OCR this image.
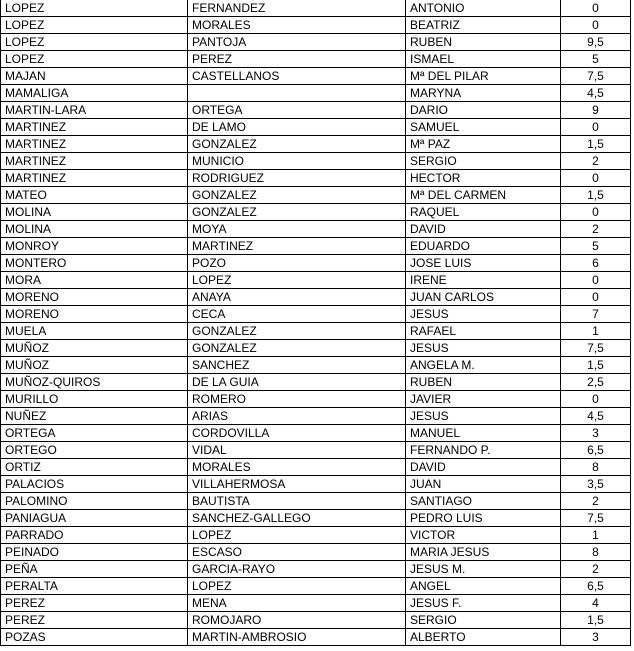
LOPEZ	FERNANDEZ	ANTONIO	0
LOPEZ	MORALES	BEATRIZ	0
LOPEZ	PANTOJA	RUBEN	9,5
LOPEZ	PEREZ	ISMAEL	5
MAJAN	CASTELLANOS	Mª DEL PILAR	7,5
MAMALIGA		MARYNA	4,5
MARTIN-LARA	ORTEGA	DARIO	9
MARTINEZ	DE LAMO	SAMUEL	0
MARTINEZ	GONZALEZ	Mª PAZ	1,5
MARTINEZ	MUNICIO	SERGIO	2
MARTINEZ	RODRIGUEZ	HECTOR	0
MATEO	GONZALEZ	Mª DEL CARMEN	1,5
MOLINA	GONZALEZ	RAQUEL	0
MOLINA	MOYA	DAVID	2
MONROY	MARTINEZ	EDUARDO	5
MONTERO	POZO	JOSE LUIS	6
MORA	LOPEZ	IRENE	0
MORENO	ANAYA	JUAN CARLOS	0
MORENO	CECA	JESUS	7
MUELA	GONZALEZ	RAFAEL	1
MUÑOZ	GONZALEZ	JESUS	7,5
MUÑOZ	SANCHEZ	ANGELA M.	1,5
MUÑOZ-QUIROS	DE LA GUIA	RUBEN	2,5
MURILLO	ROMERO	JAVIER	0
NUÑEZ	ARIAS	JESUS	4,5
ORTEGA	CORDOVILLA	MANUEL	3
ORTEGO	VIDAL	FERNANDO P.	6,5
ORTIZ	MORALES	DAVID	8
PALACIOS	VILLAHERMOSA	JUAN	3,5
PALOMINO	BAUTISTA	SANTIAGO	2
PANIAGUA	SANCHEZ-GALLEGO	PEDRO LUIS	7,5
PARRADO	LOPEZ	VICTOR	1
PEINADO	ESCASO	MARIA JESUS	8
PEÑA	GARCIA-RAYO	JESUS M.	2
PERALTA	LOPEZ	ANGEL	6,5
PEREZ	MENA	JESUS F.	4
PEREZ	ROMOJARO	SERGIO	1,5
POZAS	MARTIN-AMBROSIO	ALBERTO	3
